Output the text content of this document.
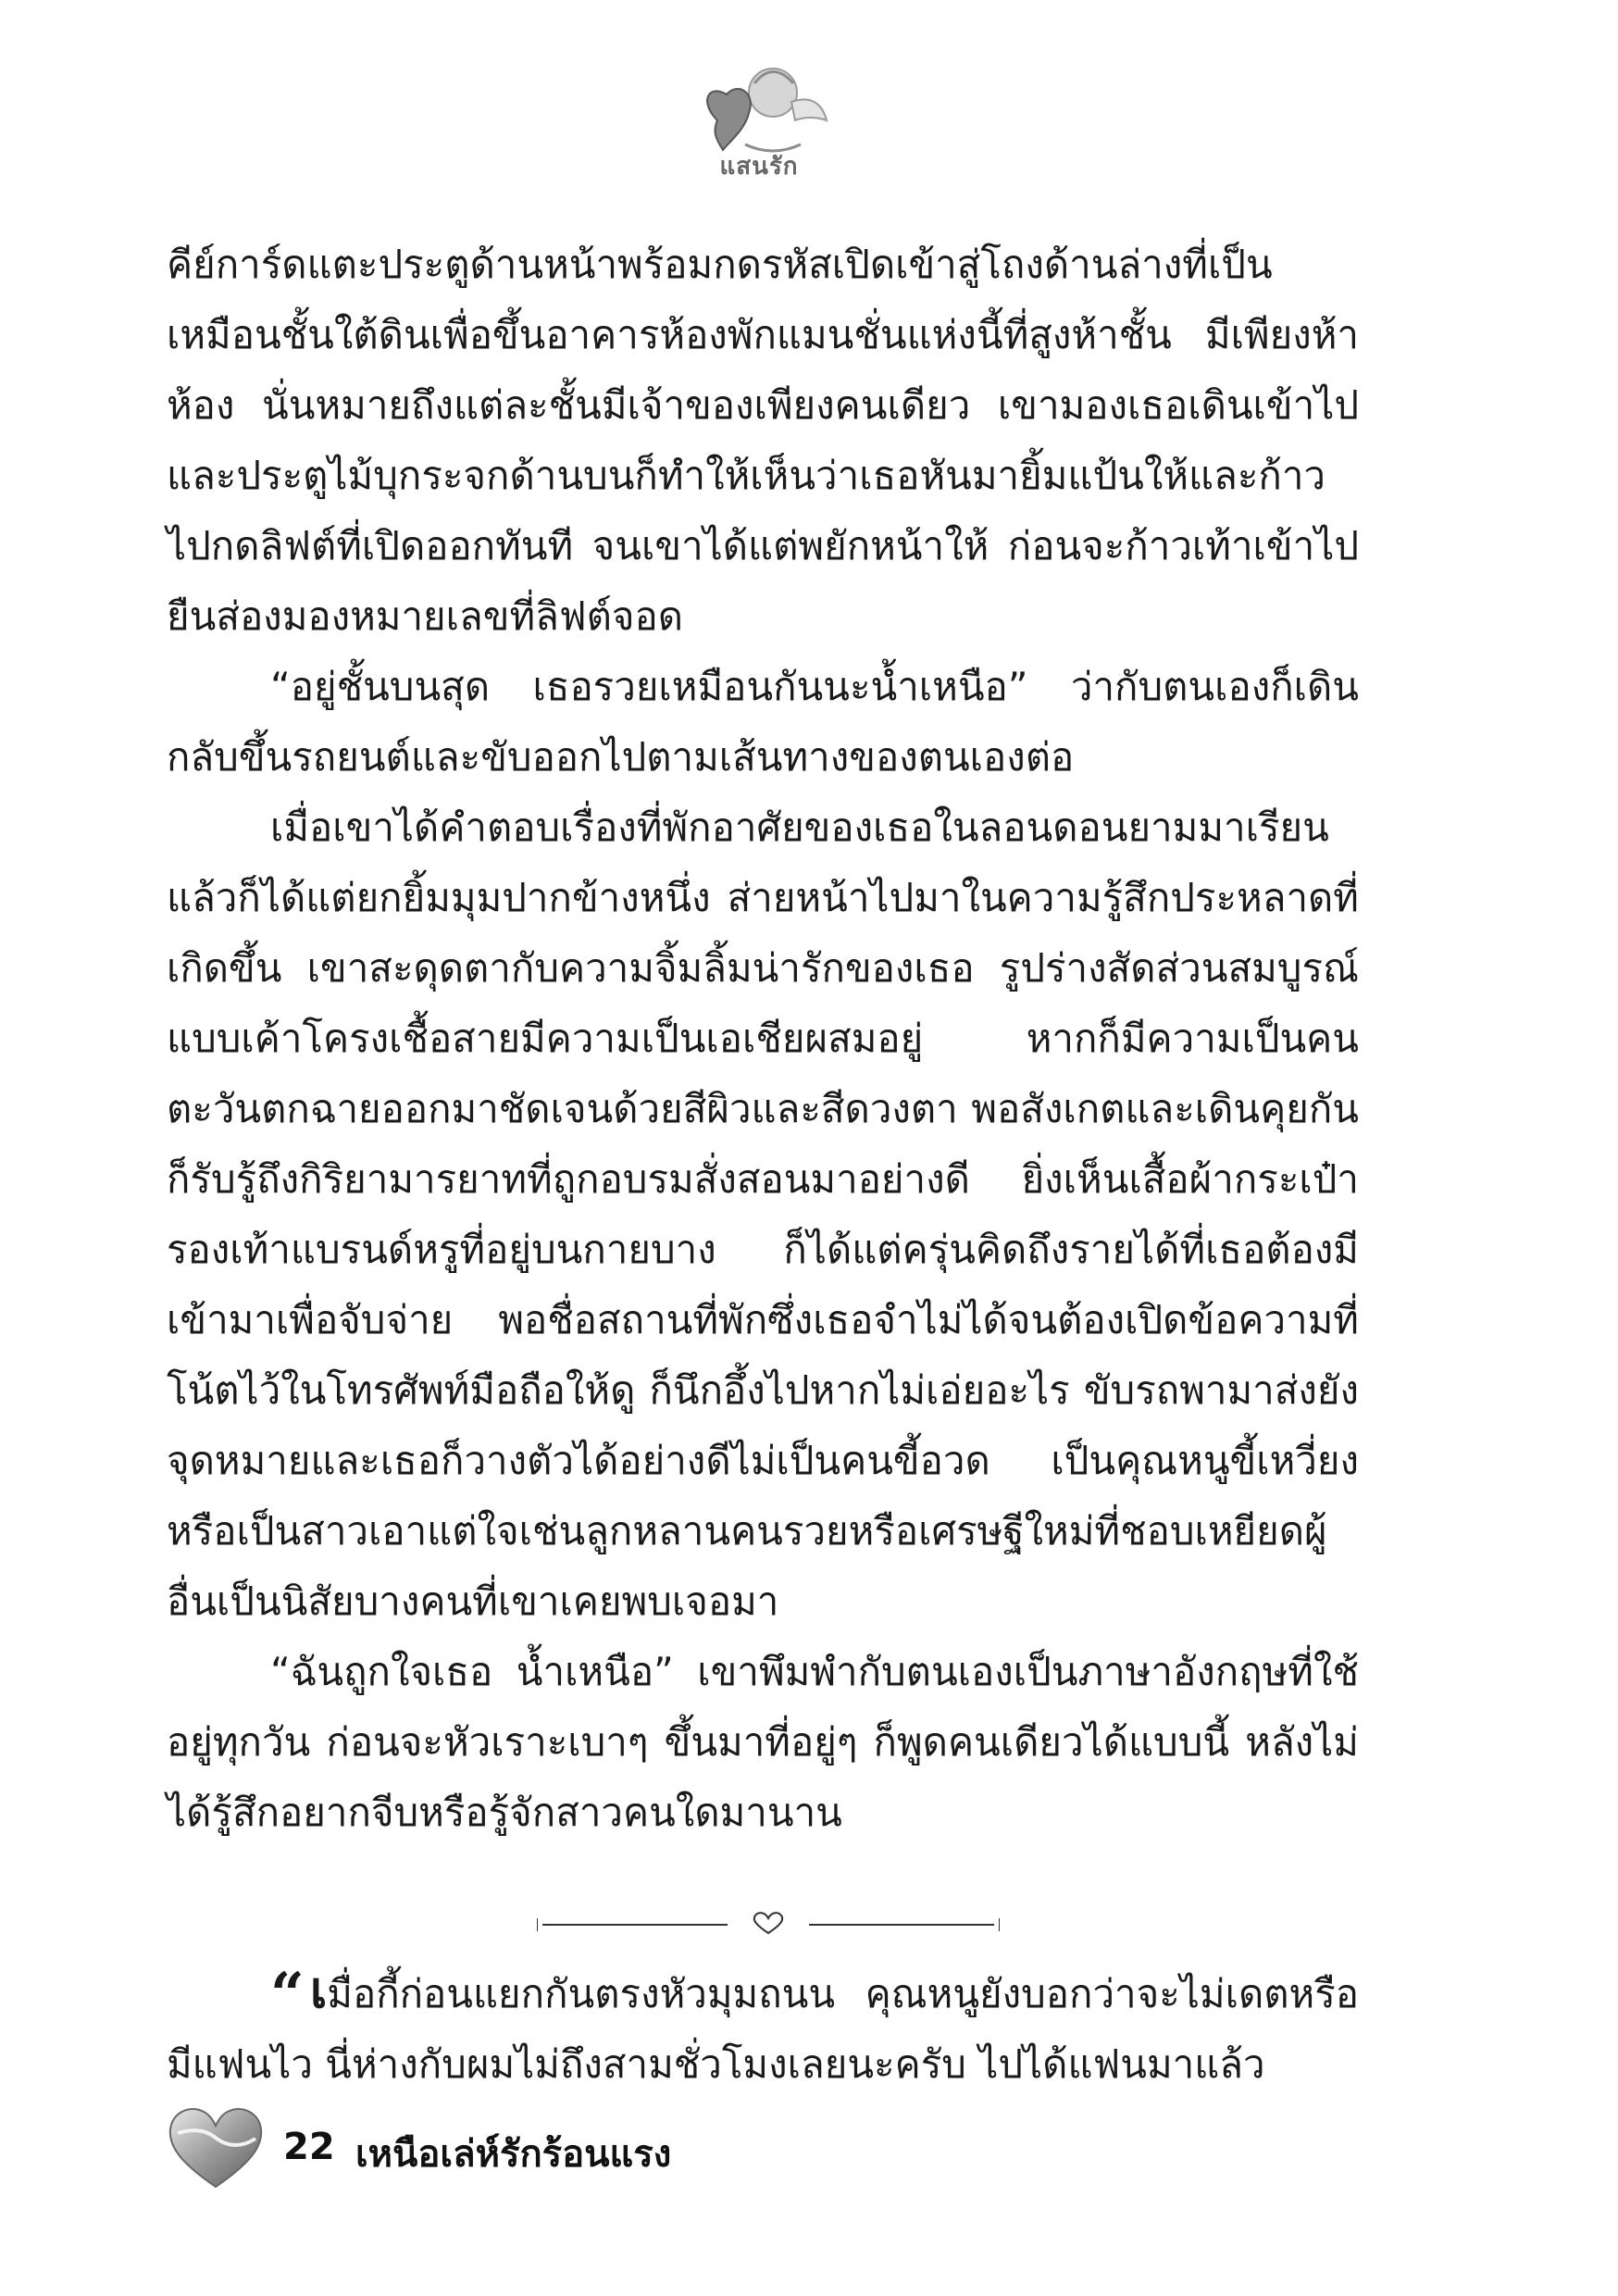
แสนรัก

คีย์การ์ดแตะประตูด้านหน้าพร้อมกดรหัสเปิดเข้าสู่โถงด้านล่างที่เป็นเหมือนชั้นใต้ดินเพื่อขึ้นอาคารห้องพักแมนชั่นแห่งนี้ที่สูงห้าชั้น มีเพียงห้าห้อง นั่นหมายถึงแต่ละชั้นมีเจ้าของเพียงคนเดียว เขามองเธอเดินเข้าไป และประตูไม้บุกระจกด้านบนก็ทำให้เห็นว่าเธอหันมายิ้มแป้นให้และก้าวไปกดลิฟต์ที่เปิดออกทันที จนเขาได้แต่พยักหน้าให้ ก่อนจะก้าวเท้าเข้าไปยืนส่องมองหมายเลขที่ลิฟต์จอด

“อยู่ชั้นบนสุด เธอรวยเหมือนกันนะน้ำเหนือ” ว่ากับตนเองก็เดินกลับขึ้นรถยนต์และขับออกไปตามเส้นทางของตนเองต่อ

เมื่อเขาได้คำตอบเรื่องที่พักอาศัยของเธอในลอนดอนยามมาเรียนแล้วก็ได้แต่ยกยิ้มมุมปากข้างหนึ่ง ส่ายหน้าไปมาในความรู้สึกประหลาดที่เกิดขึ้น เขาสะดุดตากับความจิ้มลิ้มน่ารักของเธอ รูปร่างสัดส่วนสมบูรณ์แบบเค้าโครงเชื้อสายมีความเป็นเอเชียผสมอยู่ หากก็มีความเป็นคนตะวันตกฉายออกมาชัดเจนด้วยสีผิวและสีดวงตา พอสังเกตและเดินคุยกันก็รับรู้ถึงกิริยามารยาทที่ถูกอบรมสั่งสอนมาอย่างดี ยิ่งเห็นเสื้อผ้ากระเป๋ารองเท้าแบรนด์หรูที่อยู่บนกายบาง ก็ได้แต่ครุ่นคิดถึงรายได้ที่เธอต้องมีเข้ามาเพื่อจับจ่าย พอชื่อสถานที่พักซึ่งเธอจำไม่ได้จนต้องเปิดข้อความที่โน้ตไว้ในโทรศัพท์มือถือให้ดู ก็นึกอึ้งไปหากไม่เอ่ยอะไร ขับรถพามาส่งยังจุดหมายและเธอก็วางตัวได้อย่างดีไม่เป็นคนขี้อวด เป็นคุณหนูขี้เหวี่ยง หรือเป็นสาวเอาแต่ใจเช่นลูกหลานคนรวยหรือเศรษฐีใหม่ที่ชอบเหยียดผู้อื่นเป็นนิสัยบางคนที่เขาเคยพบเจอมา

“ฉันถูกใจเธอ น้ำเหนือ” เขาพึมพำกับตนเองเป็นภาษาอังกฤษที่ใช้อยู่ทุกวัน ก่อนจะหัวเราะเบาๆ ขึ้นมาที่อยู่ๆ ก็พูดคนเดียวได้แบบนี้ หลังไม่ได้รู้สึกอยากจีบหรือรู้จักสาวคนใดมานาน

“ เมื่อกี้ก่อนแยกกันตรงหัวมุมถนน คุณหนูยังบอกว่าจะไม่เดตหรือมีแฟนไว นี่ห่างกับผมไม่ถึงสามชั่วโมงเลยนะครับ ไปได้แฟนมาแล้ว

22 เหนือเล่ห์รักร้อนแรง
